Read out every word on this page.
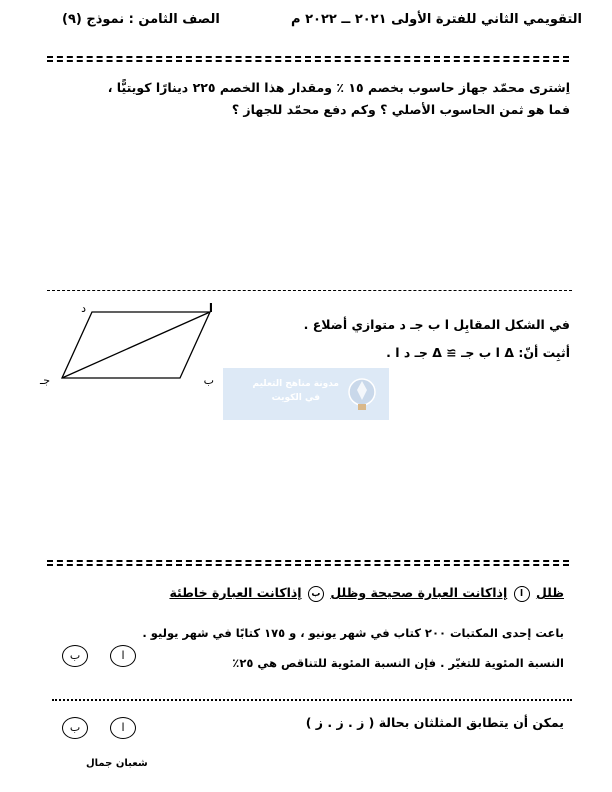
التقويمي الثاني للفترة الأولى ٢٠٢١ ــ ٢٠٢٢ م
الصف الثامن : نموذج (٩)
اِشترى محمّد جهاز حاسوب بخصم ١٥ ٪ ومقدار هذا الخصم ٢٢٥ دينارًا كويتيًّا ،
فما هو ثمن الحاسوب الأصلي ؟ وكم دفع محمّد للجهاز ؟
في الشكل المقابِل ا ب جـ د متوازي أضلاع .
أثبِت أنّ: Δ ا ب جـ ≅ Δ جـ د ا .
ا
د
جـ	ب	مدونة مناهج التعليم
في الكويت
ظلل ا إذاكانت العبارة صحيحة وظلل ب إذاكانت العبارة خاطئة
باعت إحدى المكتبات ٢٠٠ كتاب في شهر يونيو ، و ١٧٥ كتابًا في شهر يوليو .
النسبة المئوية للتغيّر . فإن النسبة المئوية للتناقص هي ٢٥٪
ا
ب
يمكن أن يتطابق المثلثان بحالة ( ز . ز . ز )
ا
ب
شعبان جمال
